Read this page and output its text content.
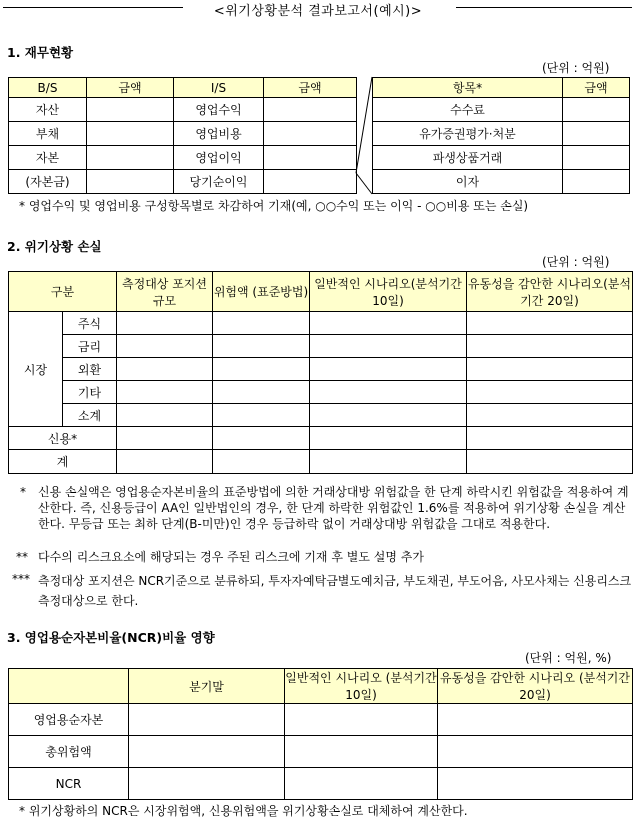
<위기상황분석 결과보고서(예시)>
1. 재무현황
(단위 : 억원)
B/S	금액	I/S	금액
자산		영업수익	
부채		영업비용	
자본		영업이익	
(자본금)		당기순이익	
항목*	금액
수수료	
유가증권평가·처분	
파생상품거래	
이자	
* 영업수익 및 영업비용 구성항목별로 차감하여 기재(예, ○○수익 또는 이익 - ○○비용 또는 손실)
2. 위기상황 손실
(단위 : 억원)
구분		측정대상 포지션 규모	위험액 (표준방법)	일반적인 시나리오(분석기간 10일)	유동성을 감안한 시나리오(분석기간 20일)
시장	주식				
	금리				
	외환				
	기타				
	소계				
신용*					
계					
* 신용 손실액은 영업용순자본비율의 표준방법에 의한 거래상대방 위험값을 한 단계 하락시킨 위험값을 적용하여 계산한다. 즉, 신용등급이 AA인 일반법인의 경우, 한 단계 하락한 위험값인 1.6%를 적용하여 위기상황 손실을 계산한다. 무등급 또는 최하 단계(B-미만)인 경우 등급하락 없이 거래상대방 위험값을 그대로 적용한다.
** 다수의 리스크요소에 해당되는 경우 주된 리스크에 기재 후 별도 설명 추가
*** 측정대상 포지션은 NCR기준으로 분류하되, 투자자예탁금별도예치금, 부도채권, 부도어음, 사모사채는 신용리스크 측정대상으로 한다.
3. 영업용순자본비율(NCR)비율 영향
(단위 : 억원, %)
	분기말	일반적인 시나리오 (분석기간 10일)	유동성을 감안한 시나리오 (분석기간 20일)
영업용순자본			
총위험액			
NCR			
* 위기상황하의 NCR은 시장위험액, 신용위험액을 위기상황손실로 대체하여 계산한다.
